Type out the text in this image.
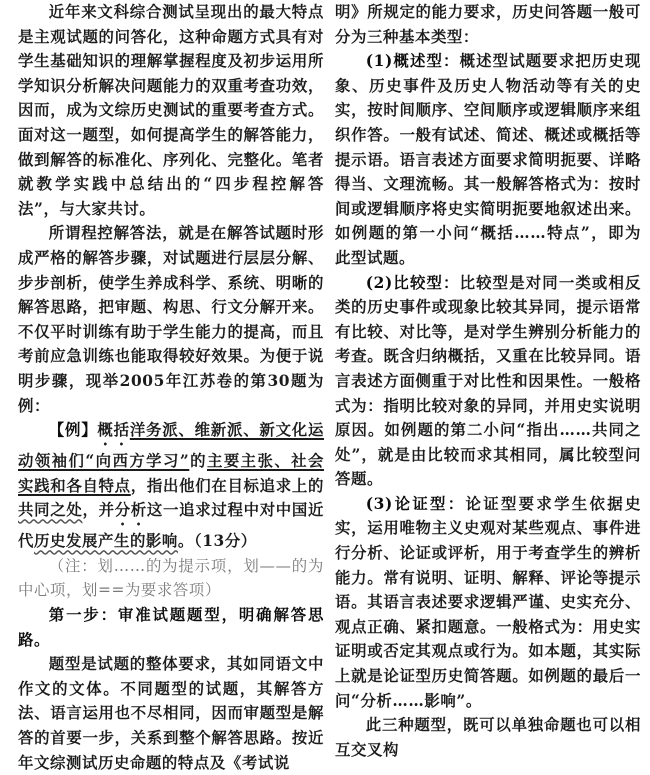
近年来文科综合测试呈现出的最大特点是主观试题的问答化，这种命题方式具有对学生基础知识的理解掌握程度及初步运用所学知识分析解决问题能力的双重考查功效，因而，成为文综历史测试的重要考查方式。面对这一题型，如何提高学生的解答能力，做到解答的标准化、序列化、完整化。笔者就教学实践中总结出的“四步程控解答法”，与大家共讨。

所谓程控解答法，就是在解答试题时形成严格的解答步骤，对试题进行层层分解、步步剖析，使学生养成科学、系统、明晰的解答思路，把审题、构思、行文分解开来。不仅平时训练有助于学生能力的提高，而且考前应急训练也能取得较好效果。为便于说明步骤，现举2005年江苏卷的第30题为例：

【例】概括洋务派、维新派、新文化运动领袖们“向西方学习”的主要主张、社会实践和各自特点，指出他们在目标追求上的共同之处，并分析这一追求过程中对中国近代历史发展产生的影响。（13分）

（注：划……的为提示项，划——的为中心项，划==为要求答项）

第一步：审准试题题型，明确解答思路。

题型是试题的整体要求，其如同语文中作文的文体。不同题型的试题，其解答方法、语言运用也不尽相同，因而审题型是解答的首要一步，关系到整个解答思路。按近年文综测试历史命题的特点及《考试说

明》所规定的能力要求，历史问答题一般可分为三种基本类型：

(1)概述型：概述型试题要求把历史现象、历史事件及历史人物活动等有关的史实，按时间顺序、空间顺序或逻辑顺序来组织作答。一般有试述、简述、概述或概括等提示语。语言表述方面要求简明扼要、详略得当、文理流畅。其一般解答格式为：按时间或逻辑顺序将史实简明扼要地叙述出来。如例题的第一小问“概括……特点”，即为此型试题。

(2)比较型：比较型是对同一类或相反类的历史事件或现象比较其异同，提示语常有比较、对比等，是对学生辨别分析能力的考查。既含归纳概括，又重在比较异同。语言表述方面侧重于对比性和因果性。一般格式为：指明比较对象的异同，并用史实说明原因。如例题的第二小问“指出……共同之处”，就是由比较而求其相同，属比较型问答题。

(3)论证型：论证型要求学生依据史实，运用唯物主义史观对某些观点、事件进行分析、论证或评析，用于考查学生的辨析能力。常有说明、证明、解释、评论等提示语。其语言表述要求逻辑严谨、史实充分、观点正确、紧扣题意。一般格式为：用史实证明或否定其观点或行为。如本题，其实际上就是论证型历史简答题。如例题的最后一问“分析……影响”。

此三种题型，既可以单独命题也可以相互交叉构
